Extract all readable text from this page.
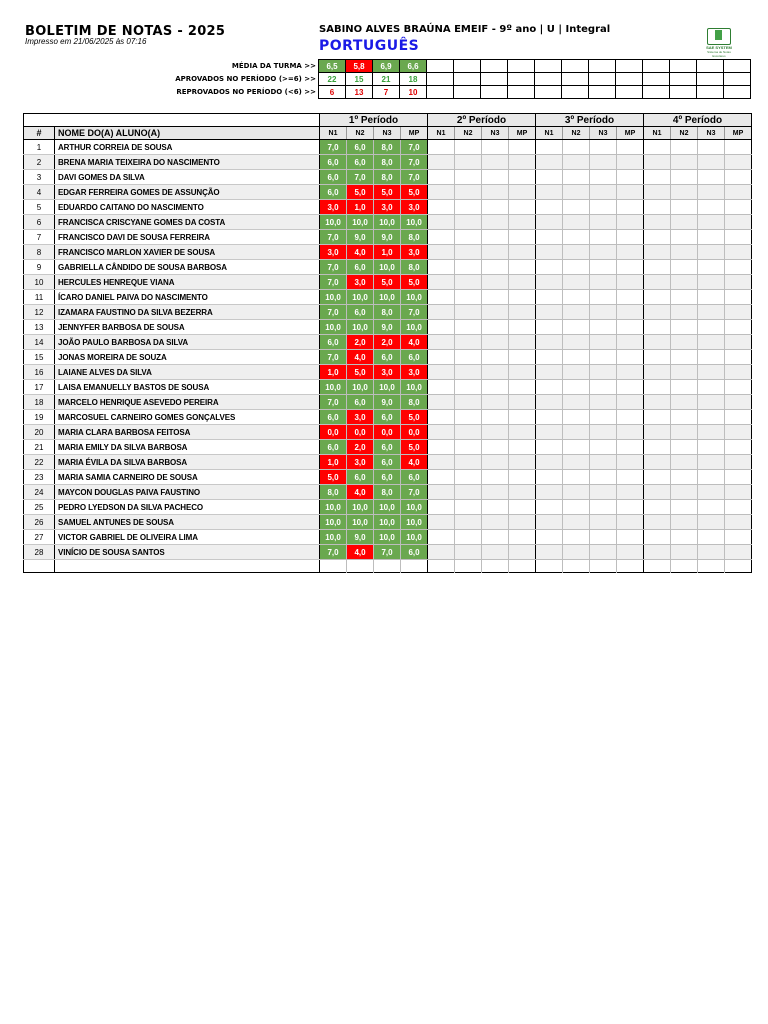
BOLETIM DE NOTAS - 2025
Impresso em 21/06/2025 às 07:16
SABINO ALVES BRAÚNA EMEIF - 9º ano | U | Integral
PORTUGUÊS	SAE SYSTEM
Sistema de Notas Escolares
MÉDIA DA TURMA >>	6,5	5,8	6,9	6,6												
APROVADOS NO PERÍODO (>=6) >>	22	15	21	18												
REPROVADOS NO PERÍODO (<6) >>	6	13	7	10												
		1º Período				2º Período				3º Período				4º Período			
#	NOME DO(A) ALUNO(A)	N1	N2	N3	MP	N1	N2	N3	MP	N1	N2	N3	MP	N1	N2	N3	MP
1	ARTHUR CORREIA DE SOUSA	7,0	6,0	8,0	7,0												
2	BRENA MARIA TEIXEIRA DO NASCIMENTO	6,0	6,0	8,0	7,0												
3	DAVI GOMES DA SILVA	6,0	7,0	8,0	7,0												
4	EDGAR FERREIRA GOMES DE ASSUNÇÃO	6,0	5,0	5,0	5,0												
5	EDUARDO CAITANO DO NASCIMENTO	3,0	1,0	3,0	3,0												
6	FRANCISCA CRISCYANE GOMES DA COSTA	10,0	10,0	10,0	10,0												
7	FRANCISCO DAVI DE SOUSA FERREIRA	7,0	9,0	9,0	8,0												
8	FRANCISCO MARLON XAVIER DE SOUSA	3,0	4,0	1,0	3,0												
9	GABRIELLA CÂNDIDO DE SOUSA BARBOSA	7,0	6,0	10,0	8,0												
10	HERCULES HENREQUE VIANA	7,0	3,0	5,0	5,0												
11	ÍCARO DANIEL PAIVA DO NASCIMENTO	10,0	10,0	10,0	10,0												
12	IZAMARA FAUSTINO DA SILVA BEZERRA	7,0	6,0	8,0	7,0												
13	JENNYFER BARBOSA DE SOUSA	10,0	10,0	9,0	10,0												
14	JOÃO PAULO BARBOSA DA SILVA	6,0	2,0	2,0	4,0												
15	JONAS MOREIRA DE SOUZA	7,0	4,0	6,0	6,0												
16	LAIANE ALVES DA SILVA	1,0	5,0	3,0	3,0												
17	LAISA EMANUELLY BASTOS DE SOUSA	10,0	10,0	10,0	10,0												
18	MARCELO HENRIQUE ASEVEDO PEREIRA	7,0	6,0	9,0	8,0												
19	MARCOSUEL CARNEIRO GOMES GONÇALVES	6,0	3,0	6,0	5,0												
20	MARIA CLARA BARBOSA FEITOSA	0,0	0,0	0,0	0,0												
21	MARIA EMILY DA SILVA BARBOSA	6,0	2,0	6,0	5,0												
22	MARIA ÉVILA DA SILVA BARBOSA	1,0	3,0	6,0	4,0												
23	MARIA SAMIA CARNEIRO DE SOUSA	5,0	6,0	6,0	6,0												
24	MAYCON DOUGLAS PAIVA FAUSTINO	8,0	4,0	8,0	7,0												
25	PEDRO LYEDSON DA SILVA PACHECO	10,0	10,0	10,0	10,0												
26	SAMUEL ANTUNES DE SOUSA	10,0	10,0	10,0	10,0												
27	VICTOR GABRIEL DE OLIVEIRA LIMA	10,0	9,0	10,0	10,0												
28	VINÍCIO DE SOUSA SANTOS	7,0	4,0	7,0	6,0												
